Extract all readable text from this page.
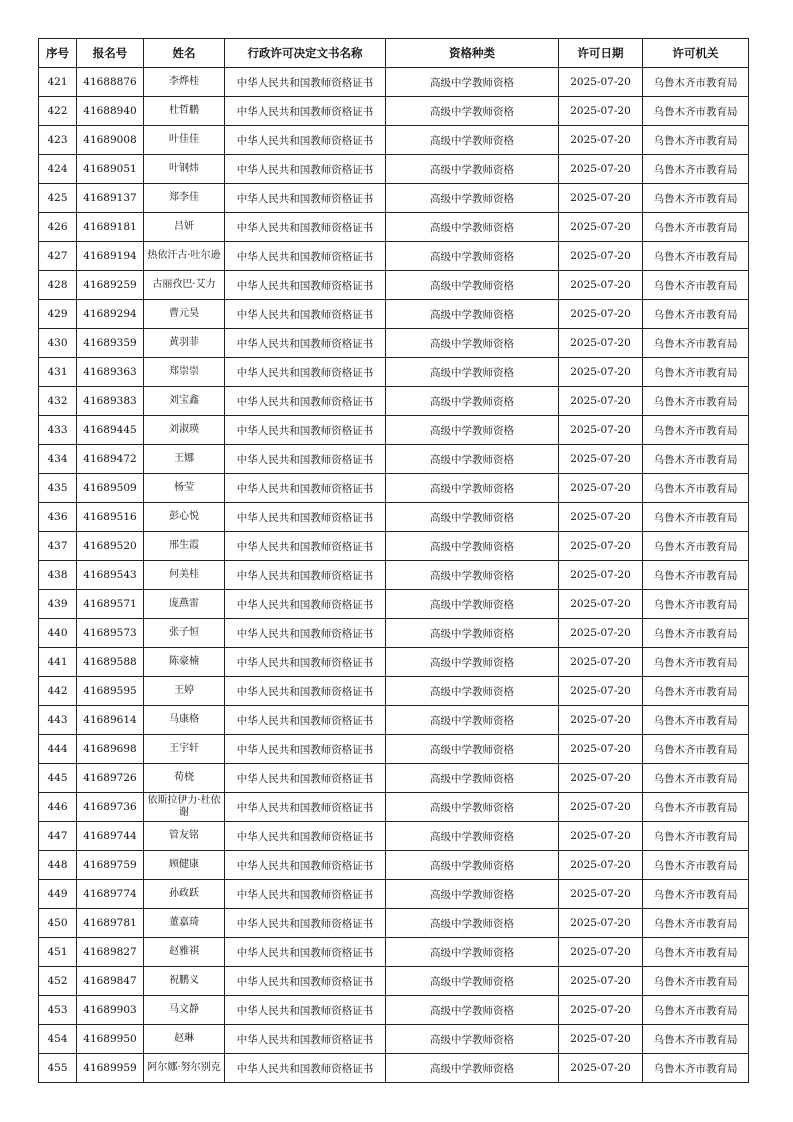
序号	报名号	姓名	行政许可决定文书名称	资格种类	许可日期	许可机关
421	41688876	李烨桂	中华人民共和国教师资格证书	高级中学教师资格	2025-07-20	乌鲁木齐市教育局
422	41688940	杜哲鹏	中华人民共和国教师资格证书	高级中学教师资格	2025-07-20	乌鲁木齐市教育局
423	41689008	叶佳佳	中华人民共和国教师资格证书	高级中学教师资格	2025-07-20	乌鲁木齐市教育局
424	41689051	叶钢炜	中华人民共和国教师资格证书	高级中学教师资格	2025-07-20	乌鲁木齐市教育局
425	41689137	郑李佳	中华人民共和国教师资格证书	高级中学教师资格	2025-07-20	乌鲁木齐市教育局
426	41689181	吕妍	中华人民共和国教师资格证书	高级中学教师资格	2025-07-20	乌鲁木齐市教育局
427	41689194	热依汗古·吐尔逊	中华人民共和国教师资格证书	高级中学教师资格	2025-07-20	乌鲁木齐市教育局
428	41689259	古丽孜巴·艾力	中华人民共和国教师资格证书	高级中学教师资格	2025-07-20	乌鲁木齐市教育局
429	41689294	曹元昊	中华人民共和国教师资格证书	高级中学教师资格	2025-07-20	乌鲁木齐市教育局
430	41689359	黄羽菲	中华人民共和国教师资格证书	高级中学教师资格	2025-07-20	乌鲁木齐市教育局
431	41689363	郑崇崇	中华人民共和国教师资格证书	高级中学教师资格	2025-07-20	乌鲁木齐市教育局
432	41689383	刘宝鑫	中华人民共和国教师资格证书	高级中学教师资格	2025-07-20	乌鲁木齐市教育局
433	41689445	刘淑瑛	中华人民共和国教师资格证书	高级中学教师资格	2025-07-20	乌鲁木齐市教育局
434	41689472	王娜	中华人民共和国教师资格证书	高级中学教师资格	2025-07-20	乌鲁木齐市教育局
435	41689509	杨莹	中华人民共和国教师资格证书	高级中学教师资格	2025-07-20	乌鲁木齐市教育局
436	41689516	彭心悦	中华人民共和国教师资格证书	高级中学教师资格	2025-07-20	乌鲁木齐市教育局
437	41689520	邢生霞	中华人民共和国教师资格证书	高级中学教师资格	2025-07-20	乌鲁木齐市教育局
438	41689543	何美桂	中华人民共和国教师资格证书	高级中学教师资格	2025-07-20	乌鲁木齐市教育局
439	41689571	庞燕雷	中华人民共和国教师资格证书	高级中学教师资格	2025-07-20	乌鲁木齐市教育局
440	41689573	张子恒	中华人民共和国教师资格证书	高级中学教师资格	2025-07-20	乌鲁木齐市教育局
441	41689588	陈豪楠	中华人民共和国教师资格证书	高级中学教师资格	2025-07-20	乌鲁木齐市教育局
442	41689595	王婷	中华人民共和国教师资格证书	高级中学教师资格	2025-07-20	乌鲁木齐市教育局
443	41689614	马康格	中华人民共和国教师资格证书	高级中学教师资格	2025-07-20	乌鲁木齐市教育局
444	41689698	王宇轩	中华人民共和国教师资格证书	高级中学教师资格	2025-07-20	乌鲁木齐市教育局
445	41689726	荀桡	中华人民共和国教师资格证书	高级中学教师资格	2025-07-20	乌鲁木齐市教育局
446	41689736	依斯拉伊力·杜依谢	中华人民共和国教师资格证书	高级中学教师资格	2025-07-20	乌鲁木齐市教育局
447	41689744	管友铭	中华人民共和国教师资格证书	高级中学教师资格	2025-07-20	乌鲁木齐市教育局
448	41689759	顾健康	中华人民共和国教师资格证书	高级中学教师资格	2025-07-20	乌鲁木齐市教育局
449	41689774	孙政跃	中华人民共和国教师资格证书	高级中学教师资格	2025-07-20	乌鲁木齐市教育局
450	41689781	董嘉琦	中华人民共和国教师资格证书	高级中学教师资格	2025-07-20	乌鲁木齐市教育局
451	41689827	赵雅祺	中华人民共和国教师资格证书	高级中学教师资格	2025-07-20	乌鲁木齐市教育局
452	41689847	祝鹏义	中华人民共和国教师资格证书	高级中学教师资格	2025-07-20	乌鲁木齐市教育局
453	41689903	马文静	中华人民共和国教师资格证书	高级中学教师资格	2025-07-20	乌鲁木齐市教育局
454	41689950	赵琳	中华人民共和国教师资格证书	高级中学教师资格	2025-07-20	乌鲁木齐市教育局
455	41689959	阿尔娜·努尔别克	中华人民共和国教师资格证书	高级中学教师资格	2025-07-20	乌鲁木齐市教育局
